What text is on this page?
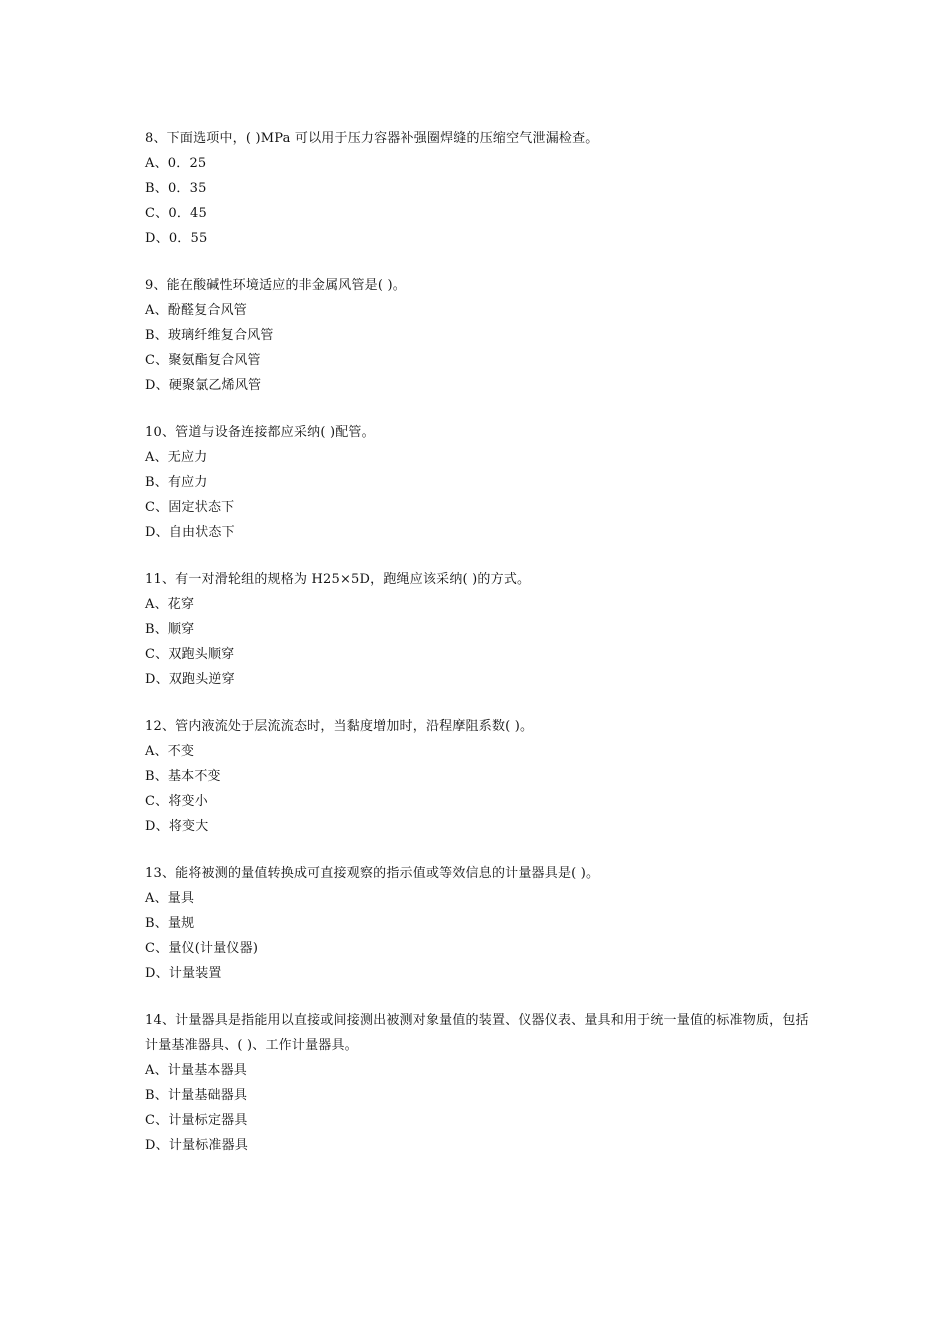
8、下面选项中，( )MPa 可以用于压力容器补强圈焊缝的压缩空气泄漏检查。

A、0．25

B、0．35

C、0．45

D、0．55

9、能在酸碱性环境适应的非金属风管是( )。

A、酚醛复合风管

B、玻璃纤维复合风管

C、聚氨酯复合风管

D、硬聚氯乙烯风管

10、管道与设备连接都应采纳( )配管。

A、无应力

B、有应力

C、固定状态下

D、自由状态下

11、有一对滑轮组的规格为 H25×5D，跑绳应该采纳( )的方式。

A、花穿

B、顺穿

C、双跑头顺穿

D、双跑头逆穿

12、管内液流处于层流流态时，当黏度增加时，沿程摩阻系数( )。

A、不变

B、基本不变

C、将变小

D、将变大

13、能将被测的量值转换成可直接观察的指示值或等效信息的计量器具是( )。

A、量具

B、量规

C、量仪(计量仪器)

D、计量装置

14、计量器具是指能用以直接或间接测出被测对象量值的装置、仪器仪表、量具和用于统一量值的标准物质，包括计量基准器具、( )、工作计量器具。

A、计量基本器具

B、计量基础器具

C、计量标定器具

D、计量标准器具
